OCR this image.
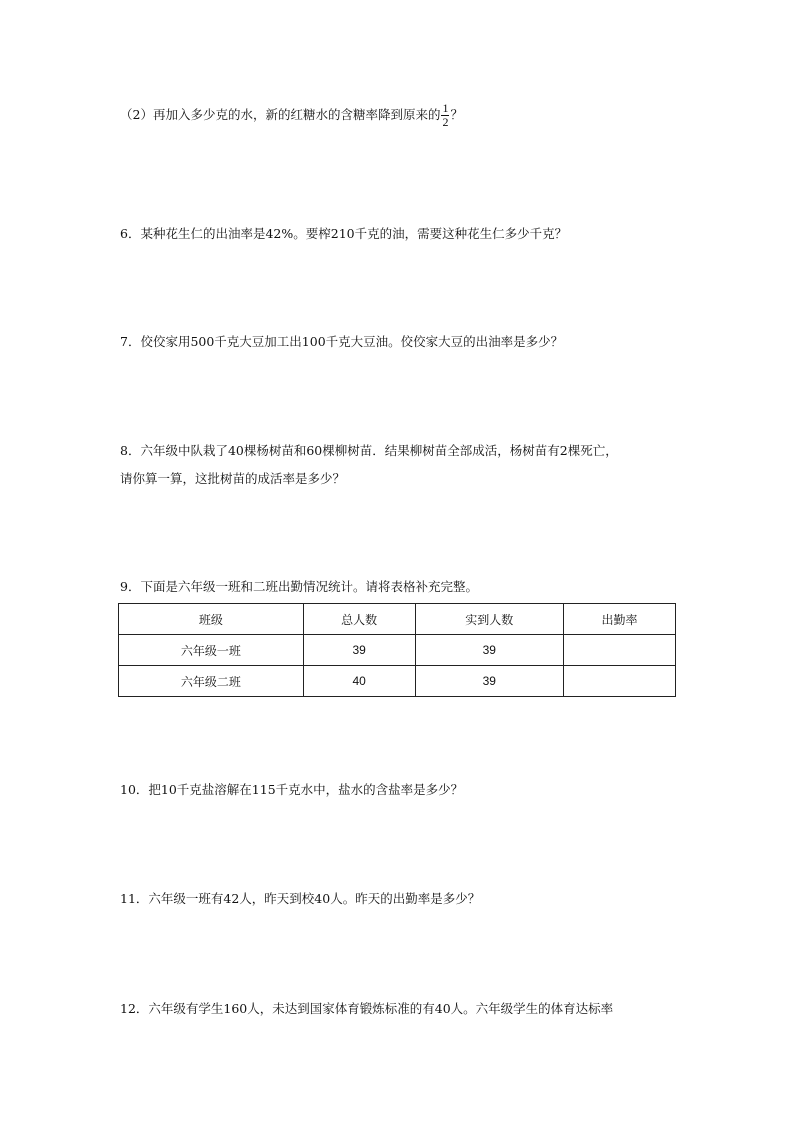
（2）再加入多少克的水，新的红糖水的含糖率降到原来的 $\frac{1}{2}$ ？
6．某种花生仁的出油率是42%。要榨210千克的油，需要这种花生仁多少千克？
7．佼佼家用500千克大豆加工出100千克大豆油。佼佼家大豆的出油率是多少？
8．六年级中队栽了40棵杨树苗和60棵柳树苗．结果柳树苗全部成活，杨树苗有2棵死亡，
请你算一算，这批树苗的成活率是多少？
9．下面是六年级一班和二班出勤情况统计。请将表格补充完整。
班级	总人数	实到人数	出勤率
六年级一班	39	39	
六年级二班	40	39	
10．把10千克盐溶解在115千克水中，盐水的含盐率是多少？
11．六年级一班有42人，昨天到校40人。昨天的出勤率是多少？
12．六年级有学生160人，未达到国家体育锻炼标准的有40人。六年级学生的体育达标率
